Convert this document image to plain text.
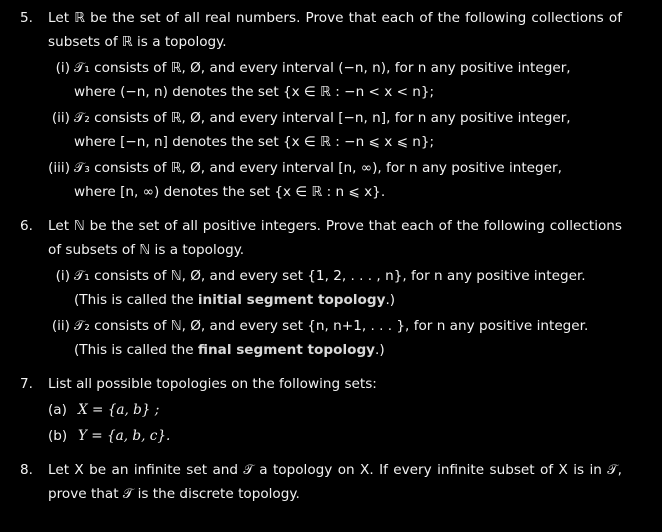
5. Let ℝ be the set of all real numbers. Prove that each of the following collections of subsets of ℝ is a topology.
(i) 𝒯₁ consists of ℝ, Ø, and every interval (−n, n), for n any positive integer,
where (−n, n) denotes the set {x ∈ ℝ : −n < x < n};
(ii) 𝒯₂ consists of ℝ, Ø, and every interval [−n, n], for n any positive integer,
where [−n, n] denotes the set {x ∈ ℝ : −n ⩽ x ⩽ n};
(iii) 𝒯₃ consists of ℝ, Ø, and every interval [n, ∞), for n any positive integer,
where [n, ∞) denotes the set {x ∈ ℝ : n ⩽ x}.
6. Let ℕ be the set of all positive integers. Prove that each of the following collections of subsets of ℕ is a topology.
(i) 𝒯₁ consists of ℕ, Ø, and every set {1, 2, . . . , n}, for n any positive integer.
(This is called the initial segment topology.)
(ii) 𝒯₂ consists of ℕ, Ø, and every set {n, n+1, . . . }, for n any positive integer.
(This is called the final segment topology.)
7. List all possible topologies on the following sets:
(a) X = {a, b} ;
(b) Y = {a, b, c}.
8. Let X be an infinite set and 𝒯 a topology on X. If every infinite subset of X is in 𝒯, prove that 𝒯 is the discrete topology.
